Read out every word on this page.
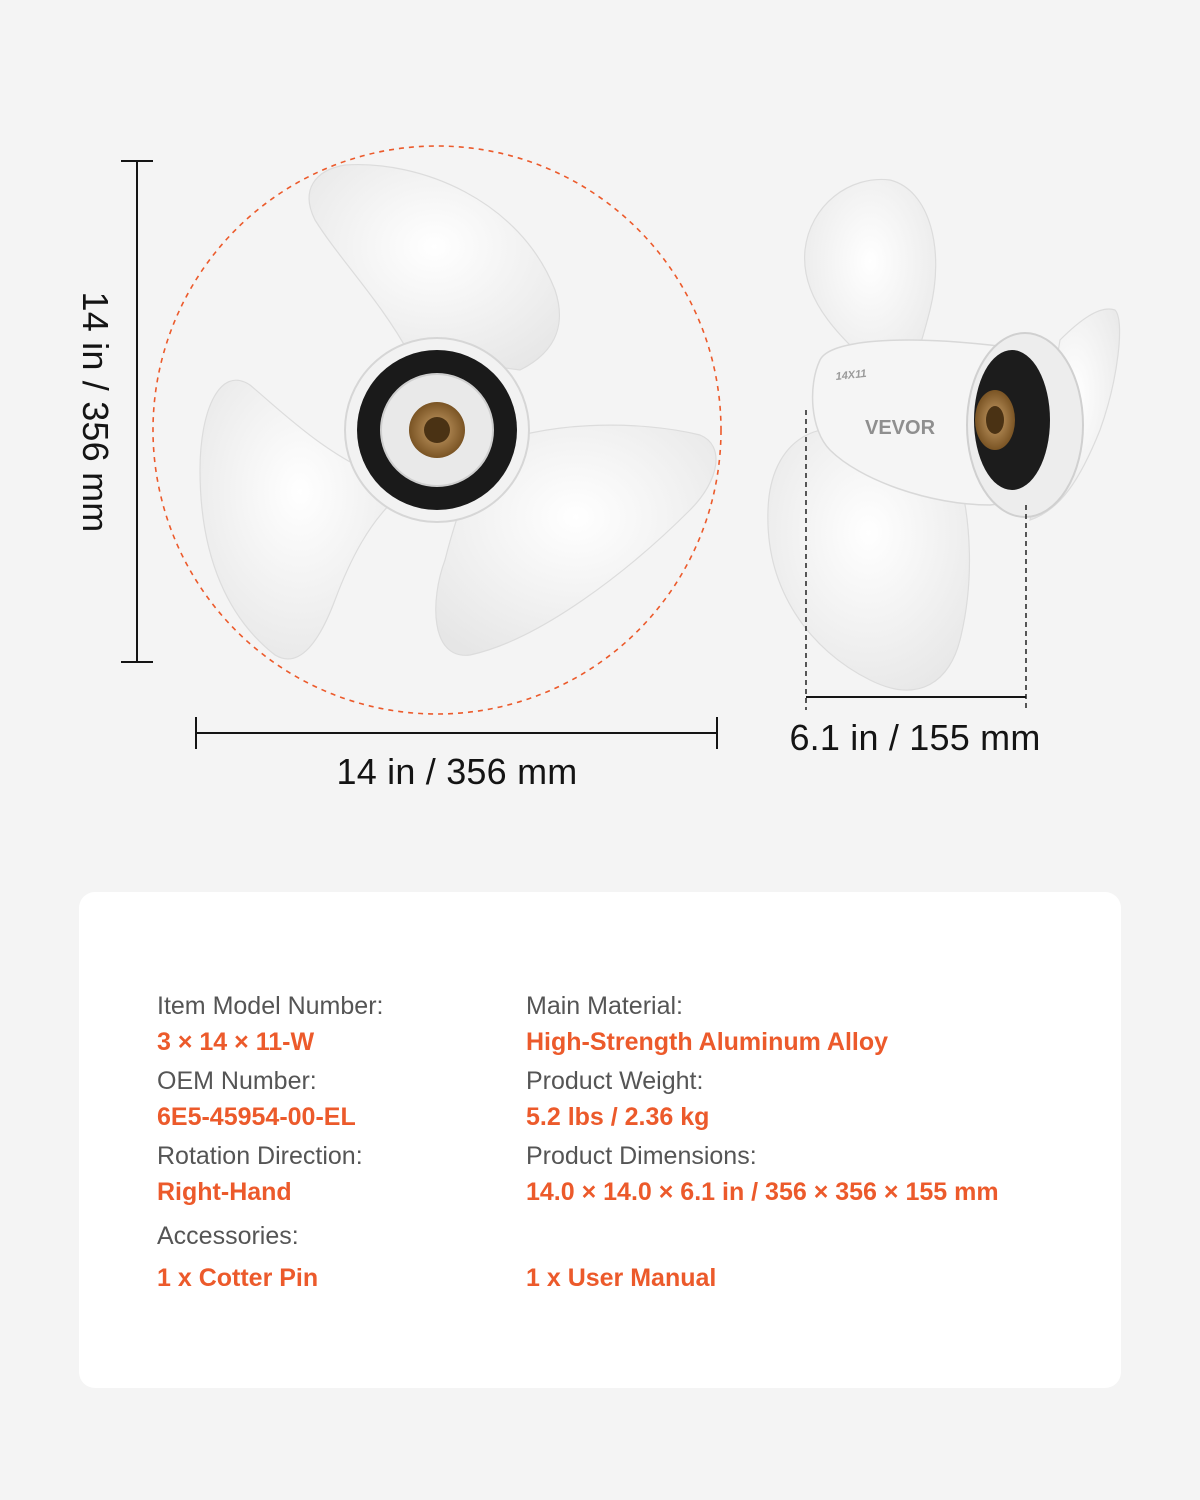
14X11
VEVOR
14 in / 356 mm
14 in / 356 mm
6.1 in / 155 mm
Item Model Number:
3 × 14 × 11-W
OEM Number:
6E5-45954-00-EL
Rotation Direction:
Right-Hand
Accessories:
1 x Cotter Pin
Main Material:
High-Strength Aluminum Alloy
Product Weight:
5.2 lbs / 2.36 kg
Product Dimensions:
14.0 × 14.0 × 6.1 in / 356 × 356 × 155 mm
1 x User Manual
